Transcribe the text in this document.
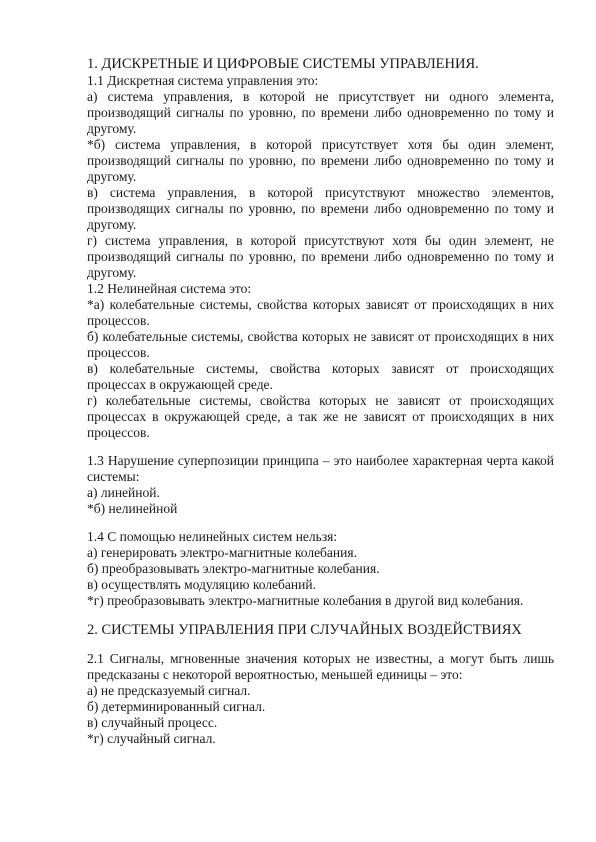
1. ДИСКРЕТНЫЕ И ЦИФРОВЫЕ СИСТЕМЫ УПРАВЛЕНИЯ.

1.1 Дискретная система управления это:

а) система управления, в которой не присутствует ни одного элемента, производящий сигналы по уровню, по времени либо одновременно по тому и другому.

*б) система управления, в которой присутствует хотя бы один элемент, производящий сигналы по уровню, по времени либо одновременно по тому и другому.

в) система управления, в которой присутствуют множество элементов, производящих сигналы по уровню, по времени либо одновременно по тому и другому.

г) система управления, в которой присутствуют хотя бы один элемент, не производящий сигналы по уровню, по времени либо одновременно по тому и другому.

1.2 Нелинейная система это:

*а) колебательные системы, свойства которых зависят от происходящих в них процессов.

б) колебательные системы, свойства которых не зависят от происходящих в них процессов.

в) колебательные системы, свойства которых зависят от происходящих процессах в окружающей среде.

г) колебательные системы, свойства которых не зависят от происходящих процессах в окружающей среде, а так же не зависят от происходящих в них процессов.

1.3 Нарушение суперпозиции принципа – это наиболее характерная черта какой системы:

а) линейной.

*б) нелинейной

1.4 С помощью нелинейных систем нельзя:

а) генерировать электро-магнитные колебания.

б) преобразовывать электро-магнитные колебания.

в) осуществлять модуляцию колебаний.

*г) преобразовывать электро-магнитные колебания в другой вид колебания.

2. СИСТЕМЫ УПРАВЛЕНИЯ ПРИ СЛУЧАЙНЫХ ВОЗДЕЙСТВИЯХ

2.1 Сигналы, мгновенные значения которых не известны, а могут быть лишь предсказаны с некоторой вероятностью, меньшей единицы – это:

а) не предсказуемый сигнал.

б) детерминированный сигнал.

в) случайный процесс.

*г) случайный сигнал.
